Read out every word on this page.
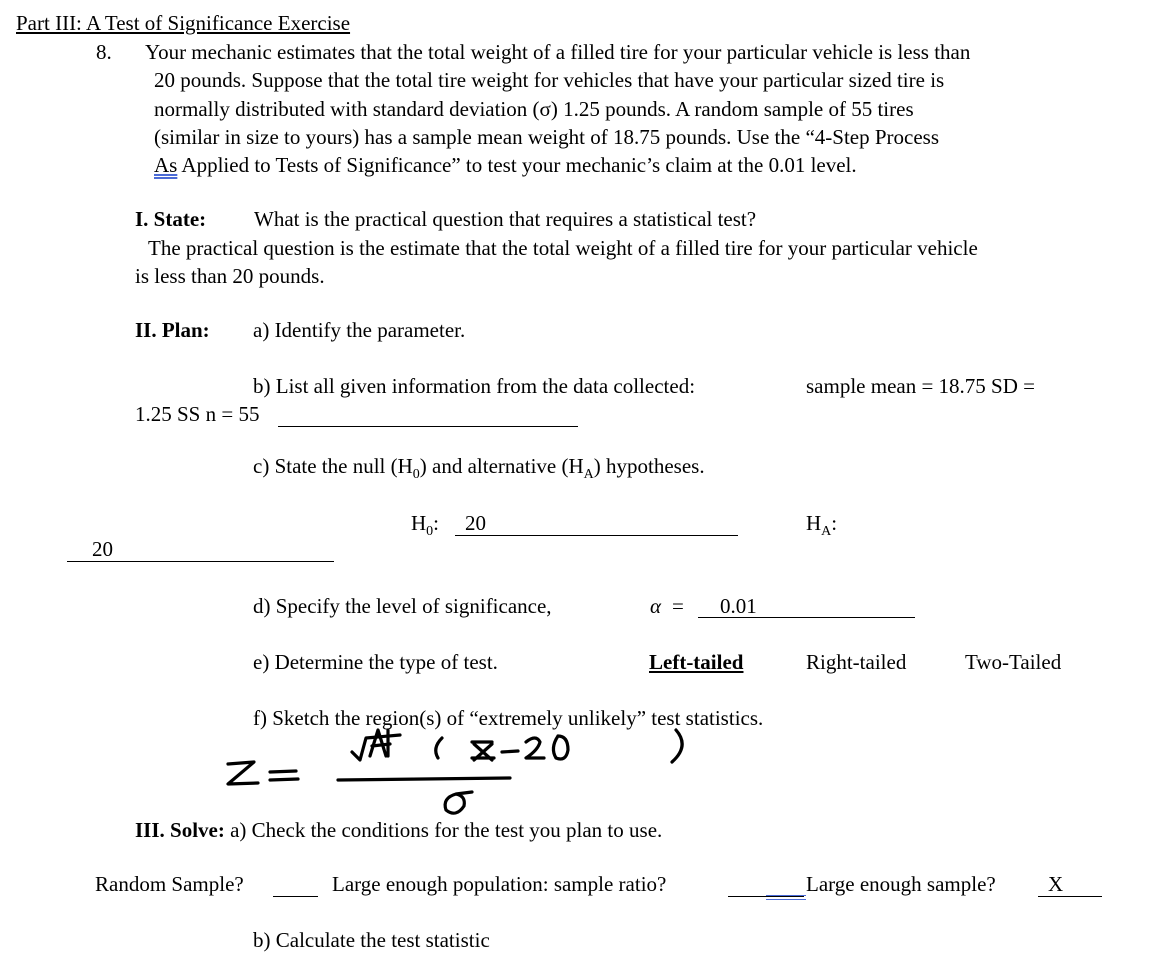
Part III: A Test of Significance Exercise
8. Your mechanic estimates that the total weight of a filled tire for your particular vehicle is less than
20 pounds. Suppose that the total tire weight for vehicles that have your particular sized tire is
normally distributed with standard deviation (σ) 1.25 pounds. A random sample of 55 tires
(similar in size to yours) has a sample mean weight of 18.75 pounds. Use the “4-Step Process
As Applied to Tests of Significance” to test your mechanic’s claim at the 0.01 level.
I. State: What is the practical question that requires a statistical test?
The practical question is the estimate that the total weight of a filled tire for your particular vehicle
is less than 20 pounds.
II. Plan: a) Identify the parameter.
b) List all given information from the data collected:	sample mean = 18.75 SD =
1.25 SS n = 55
c) State the null $(H_0)$ and alternative $(H_A)$ hypotheses.
$H_0$: 20	$H_A$:
20
d) Specify the level of significance,	α = 0.01
e) Determine the type of test.	Left-tailed	Right-tailed	Two-Tailed
f) Sketch the region(s) of “extremely unlikely” test statistics.
σ
III. Solve: a) Check the conditions for the test you plan to use.
Random Sample?	Large enough population: sample ratio?	Large enough sample? X
b) Calculate the test statistic
